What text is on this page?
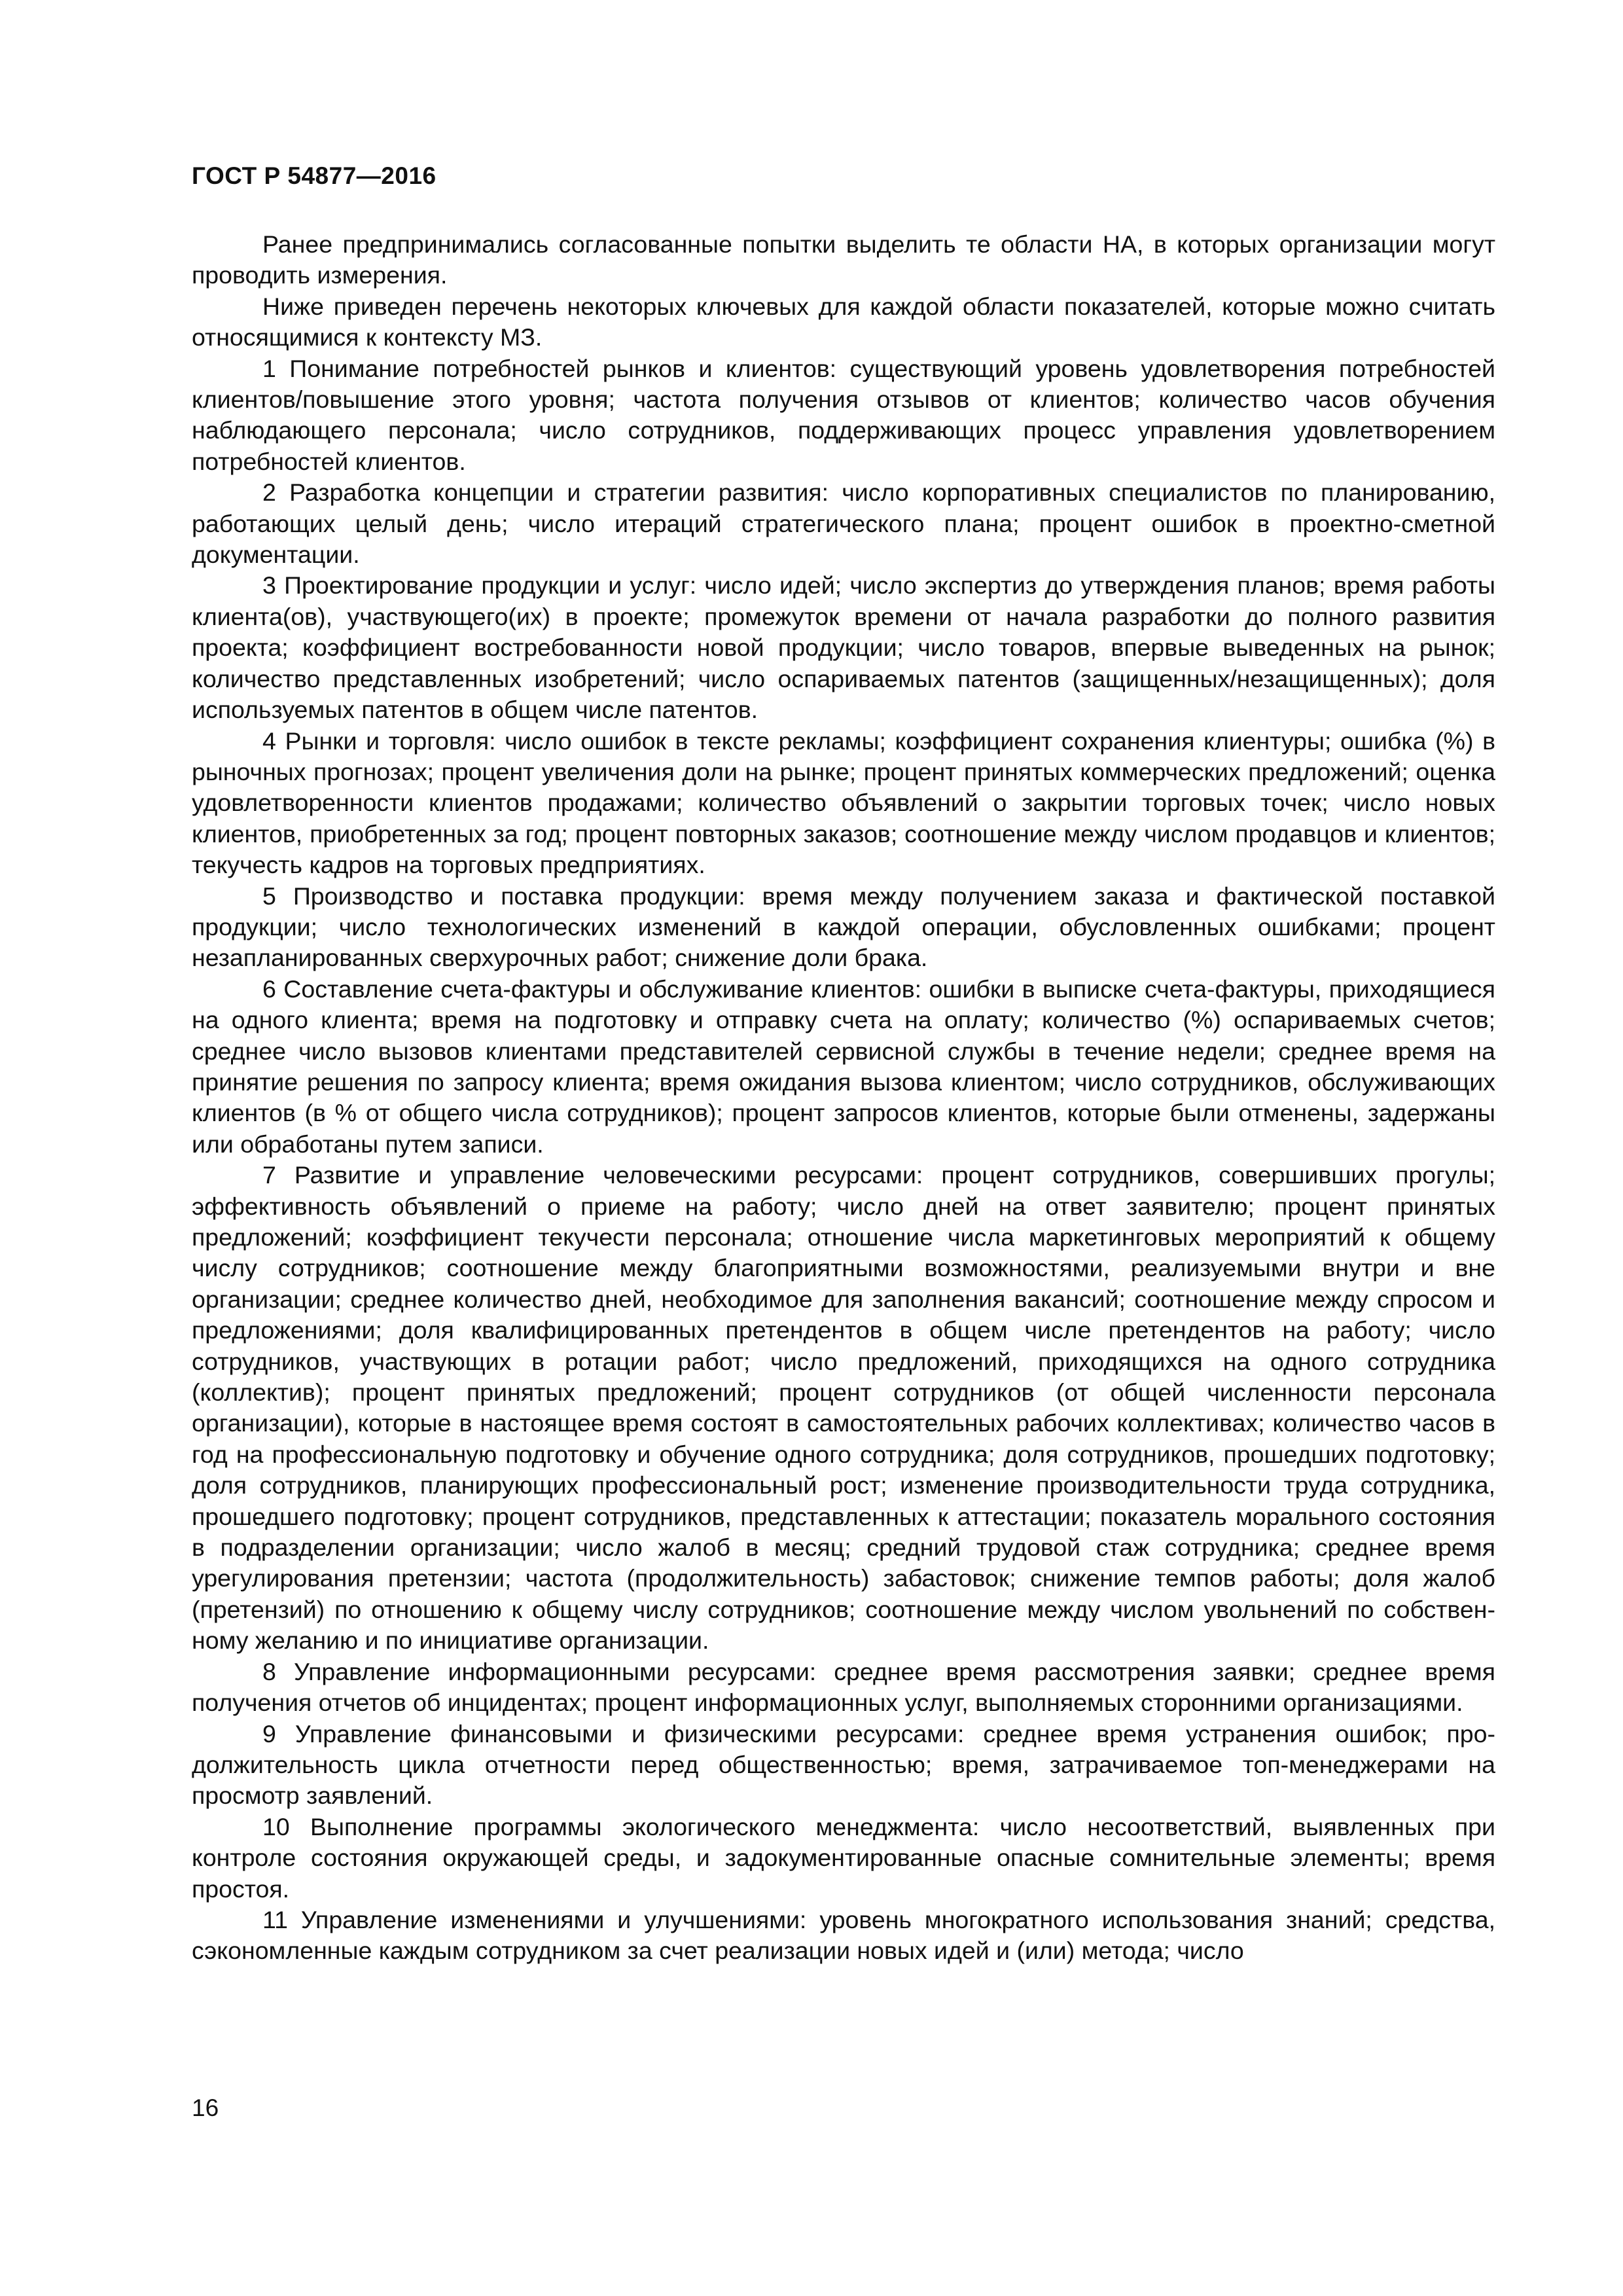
ГОСТ Р 54877—2016

Ранее предпринимались согласованные попытки выделить те области НА, в которых организации могут проводить измерения.

Ниже приведен перечень некоторых ключевых для каждой области показателей, которые можно считать относящимися к контексту МЗ.

1 Понимание потребностей рынков и клиентов: существующий уровень удовлетворения потребностей клиентов/повышение этого уровня; частота получения отзывов от клиентов; количество часов обучения наблюдающего персонала; число сотрудников, поддерживающих процесс управления удовлетворением потребностей клиентов.

2 Разработка концепции и стратегии развития: число корпоративных специалистов по планированию, работающих целый день; число итераций стратегического плана; процент ошибок в проектно-сметной документации.

3 Проектирование продукции и услуг: число идей; число экспертиз до утверждения планов; время работы клиента(ов), участвующего(их) в проекте; промежуток времени от начала разработки до полного развития проекта; коэффициент востребованности новой продукции; число товаров, впервые выведенных на рынок; количество представленных изобретений; число оспариваемых патентов (защищенных/незащищенных); доля используемых патентов в общем числе патентов.

4 Рынки и торговля: число ошибок в тексте рекламы; коэффициент сохранения клиентуры; ошибка (%) в рыночных прогнозах; процент увеличения доли на рынке; процент принятых коммерческих предложений; оценка удовлетворенности клиентов продажами; количество объявлений о закрытии торговых точек; число новых клиентов, приобретенных за год; процент повторных заказов; соотношение между числом продавцов и клиентов; текучесть кадров на торговых предприятиях.

5 Производство и поставка продукции: время между получением заказа и фактической поставкой продукции; число технологических изменений в каждой операции, обусловленных ошибками; процент незапланированных сверхурочных работ; снижение доли брака.

6 Составление счета-фактуры и обслуживание клиентов: ошибки в выписке счета-фактуры, приходящиеся на одного клиента; время на подготовку и отправку счета на оплату; количество (%) оспариваемых счетов; среднее число вызовов клиентами представителей сервисной службы в течение недели; среднее время на принятие решения по запросу клиента; время ожидания вызова клиентом; число сотрудников, обслуживающих клиентов (в % от общего числа сотрудников); процент запросов клиентов, которые были отменены, задержаны или обработаны путем записи.

7 Развитие и управление человеческими ресурсами: процент сотрудников, совершивших прогулы; эффективность объявлений о приеме на работу; число дней на ответ заявителю; процент принятых предложений; коэффициент текучести персонала; отношение числа маркетинговых мероприятий к общему числу сотрудников; соотношение между благоприятными возможностями, реализуемыми внутри и вне организации; среднее количество дней, необходимое для заполнения вакансий; соотношение между спросом и предложениями; доля квалифицированных претендентов в общем числе претендентов на работу; число сотрудников, участвующих в ротации работ; число предложений, приходящихся на одного сотрудника (коллектив); процент принятых предложений; процент сотрудников (от общей численности персонала организации), которые в настоящее время состоят в самостоятельных рабочих коллективах; количество часов в год на профессиональную подготовку и обучение одного сотрудника; доля сотрудников, прошедших подготовку; доля сотрудников, планирующих профессиональный рост; изменение производительности труда сотрудника, прошедшего подготовку; процент сотрудников, представленных к аттестации; показатель морального состояния в подразделении организации; число жалоб в месяц; средний трудовой стаж сотрудника; среднее время урегулирования претензии; частота (продолжительность) забастовок; снижение темпов работы; доля жалоб (претензий) по отношению к общему числу сотрудников; соотношение между числом увольнений по собственному желанию и по инициативе организации.

8 Управление информационными ресурсами: среднее время рассмотрения заявки; среднее время получения отчетов об инцидентах; процент информационных услуг, выполняемых сторонними организациями.

9 Управление финансовыми и физическими ресурсами: среднее время устранения ошибок; продолжительность цикла отчетности перед общественностью; время, затрачиваемое топ-менеджерами на просмотр заявлений.

10 Выполнение программы экологического менеджмента: число несоответствий, выявленных при контроле состояния окружающей среды, и задокументированные опасные сомнительные элементы; время простоя.

11 Управление изменениями и улучшениями: уровень многократного использования знаний; средства, сэкономленные каждым сотрудником за счет реализации новых идей и (или) метода; число

16
